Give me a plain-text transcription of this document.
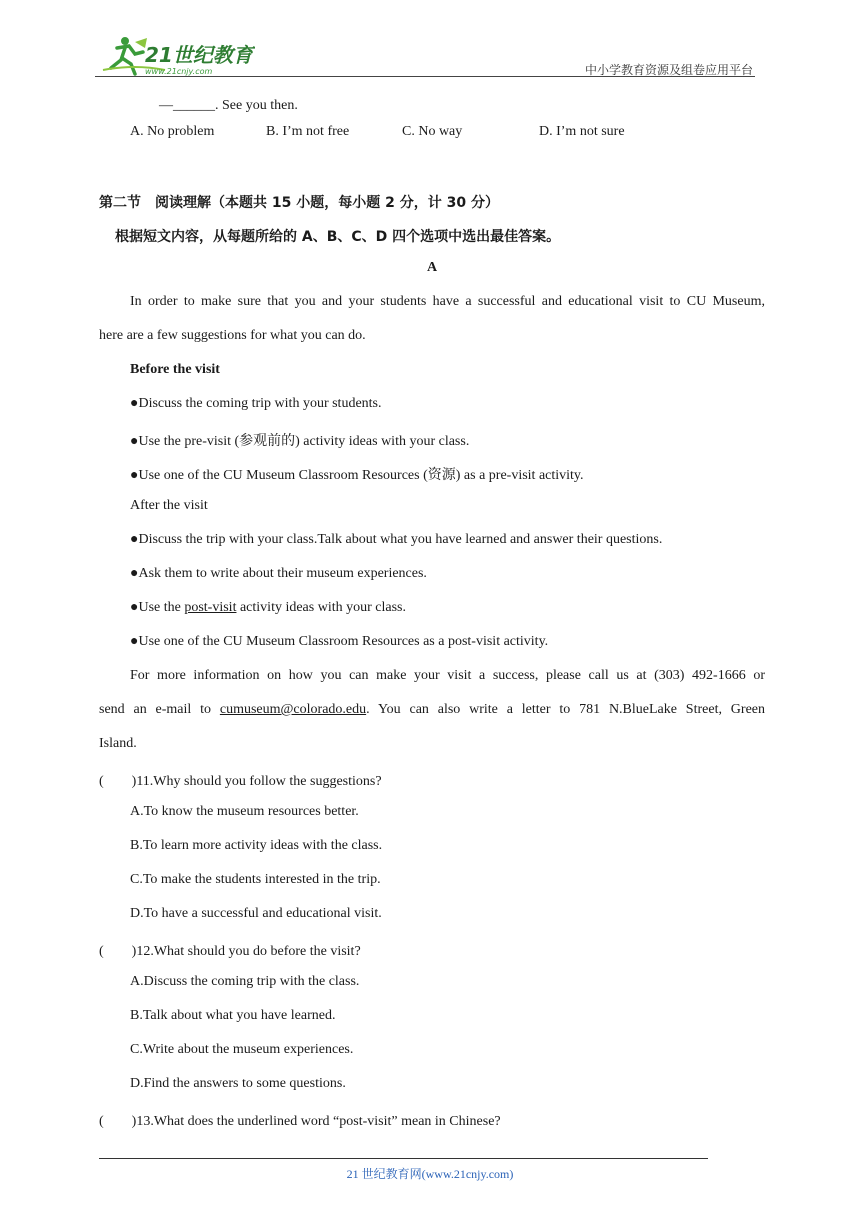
21世纪教育
www.21cnjy.com	中小学教育资源及组卷应用平台
—______. See you then.
A. No problem	B. I’m not free	C. No way	D. I’m not sure
第二节　阅读理解（本题共 15 小题，每小题 2 分，计 30 分）
根据短文内容，从每题所给的 A、B、C、D 四个选项中选出最佳答案。
A
In order to make sure that you and your students have a successful and educational visit to CU Museum,
here are a few suggestions for what you can do.
Before the visit
●Discuss the coming trip with your students.
●Use the pre-visit (参观前的) activity ideas with your class.
●Use one of the CU Museum Classroom Resources (资源) as a pre-visit activity.
After the visit
●Discuss the trip with your class.Talk about what you have learned and answer their questions.
●Ask them to write about their museum experiences.
●Use the post-visit activity ideas with your class.
●Use one of the CU Museum Classroom Resources as a post-visit activity.
For more information on how you can make your visit a success, please call us at (303) 492-1666 or
send an e-mail to cumuseum@colorado.edu. You can also write a letter to 781 N.BlueLake Street, Green
Island.
(　　)11.Why should you follow the suggestions?
A.To know the museum resources better.
B.To learn more activity ideas with the class.
C.To make the students interested in the trip.
D.To have a successful and educational visit.
(　　)12.What should you do before the visit?
A.Discuss the coming trip with the class.
B.Talk about what you have learned.
C.Write about the museum experiences.
D.Find the answers to some questions.
(　　)13.What does the underlined word “post-visit” mean in Chinese?
21 世纪教育网(www.21cnjy.com)
